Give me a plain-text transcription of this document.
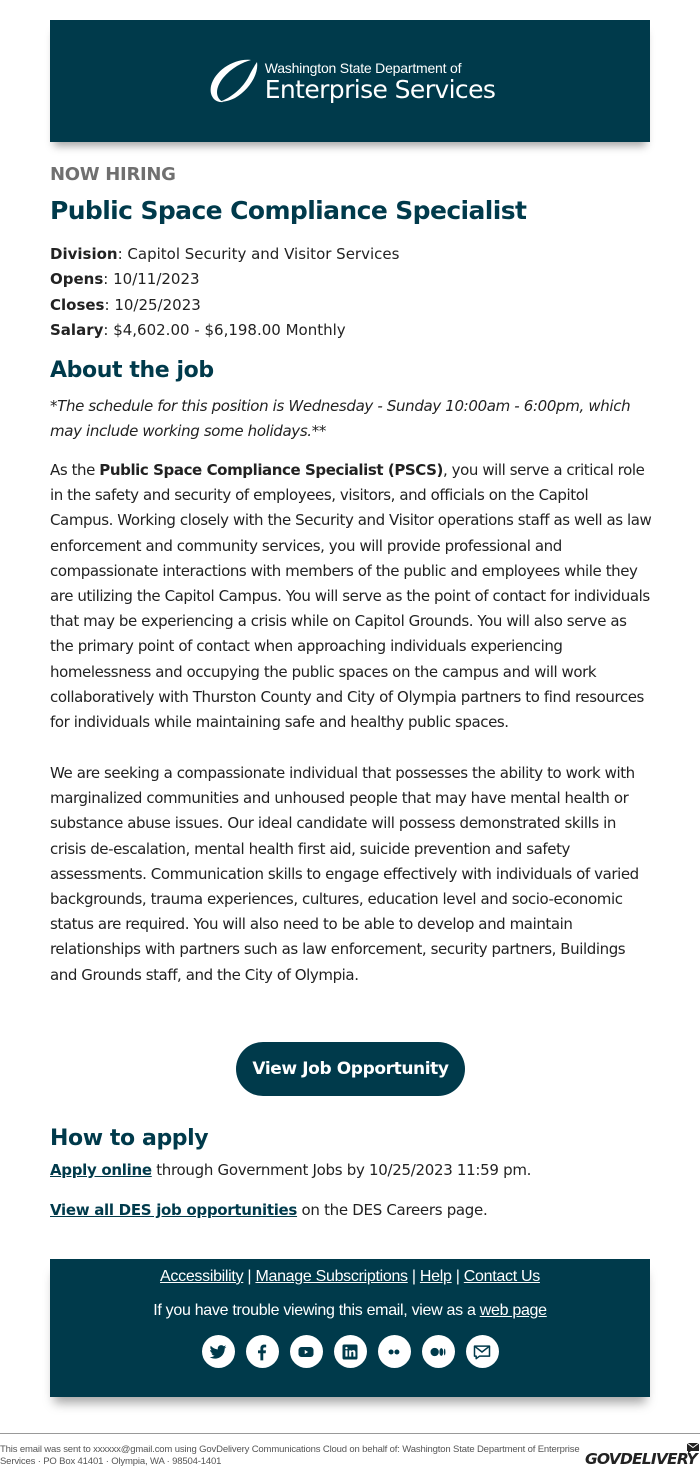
Washington State Department of
Enterprise Services
NOW HIRING
Public Space Compliance Specialist
Division: Capitol Security and Visitor Services
Opens: 10/11/2023
Closes: 10/25/2023
Salary: $4,602.00 - $6,198.00 Monthly
About the job
*The schedule for this position is Wednesday - Sunday 10:00am - 6:00pm, which may include working some holidays.**
As the Public Space Compliance Specialist (PSCS), you will serve a critical role in the safety and security of employees, visitors, and officials on the Capitol Campus. Working closely with the Security and Visitor operations staff as well as law enforcement and community services, you will provide professional and compassionate interactions with members of the public and employees while they are utilizing the Capitol Campus. You will serve as the point of contact for individuals that may be experiencing a crisis while on Capitol Grounds. You will also serve as the primary point of contact when approaching individuals experiencing homelessness and occupying the public spaces on the campus and will work collaboratively with Thurston County and City of Olympia partners to find resources for individuals while maintaining safe and healthy public spaces.
We are seeking a compassionate individual that possesses the ability to work with marginalized communities and unhoused people that may have mental health or substance abuse issues. Our ideal candidate will possess demonstrated skills in crisis de-escalation, mental health first aid, suicide prevention and safety assessments. Communication skills to engage effectively with individuals of varied backgrounds, trauma experiences, cultures, education level and socio-economic status are required. You will also need to be able to develop and maintain relationships with partners such as law enforcement, security partners, Buildings and Grounds staff, and the City of Olympia.
View Job Opportunity
How to apply
Apply online through Government Jobs by 10/25/2023 11:59 pm.
View all DES job opportunities on the DES Careers page.
Accessibility | Manage Subscriptions | Help | Contact Us
If you have trouble viewing this email, view as a web page
This email was sent to xxxxxx@gmail.com using GovDelivery Communications Cloud on behalf of: Washington State Department of Enterprise Services · PO Box 41401 · Olympia, WA · 98504-1401	GOVDELIVERY
